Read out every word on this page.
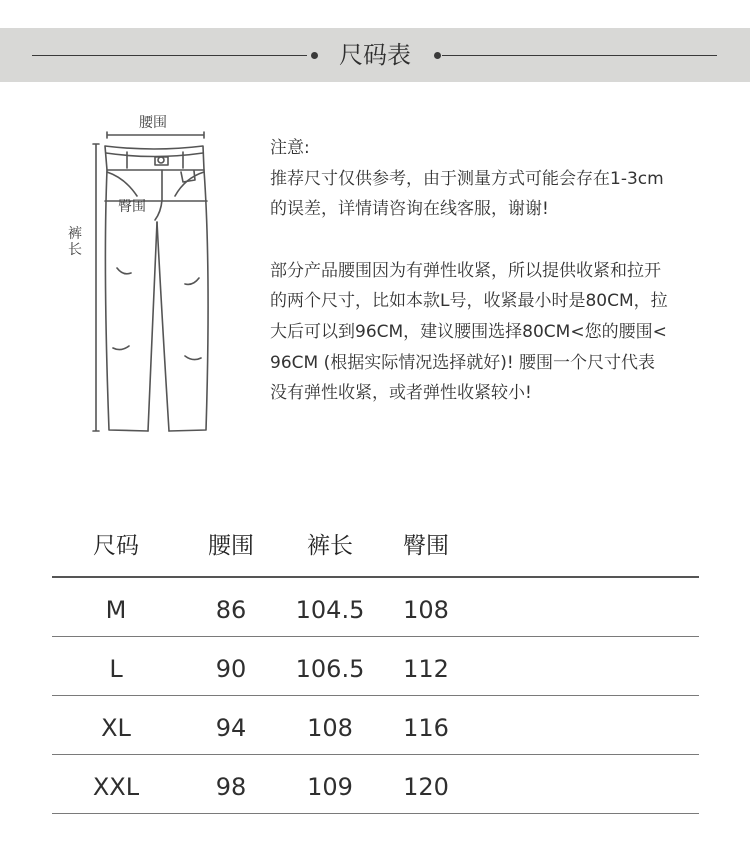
尺码表
腰围
臀围
裤长

注意:

推荐尺寸仅供参考，由于测量方式可能会存在1-3cm

的误差，详情请咨询在线客服，谢谢!

部分产品腰围因为有弹性收紧，所以提供收紧和拉开

的两个尺寸，比如本款L号，收紧最小时是80CM，拉

大后可以到96CM，建议腰围选择80CM<您的腰围<

96CM (根据实际情况选择就好)! 腰围一个尺寸代表

没有弹性收紧，或者弹性收紧较小!

尺码	腰围	裤长	臀围
M	86	104.5	108
L	90	106.5	112
XL	94	108	116
XXL	98	109	120
